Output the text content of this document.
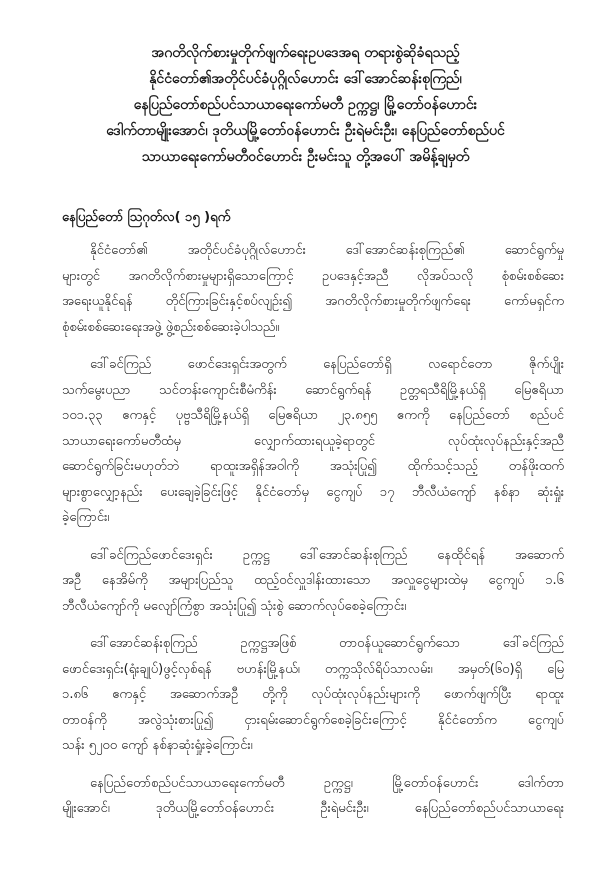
အဂတိလိုက်စားမှုတိုက်ဖျက်ရေးဥပဒေအရ တရားစွဲဆိုခံရသည့်
နိုင်ငံတော်၏အတိုင်ပင်ခံပုဂ္ဂိုလ်ဟောင်း ဒေါ်အောင်ဆန်းစုကြည်၊
နေပြည်တော်စည်ပင်သာယာရေးကော်မတီ ဥက္ကဋ္ဌ၊ မြို့တော်ဝန်ဟောင်း
ဒေါက်တာမျိုးအောင်၊ ဒုတိယမြို့တော်ဝန်ဟောင်း ဦးရဲမင်းဦး၊ နေပြည်တော်စည်ပင်
သာယာရေးကော်မတီဝင်ဟောင်း ဦးမင်းသူ တို့အပေါ် အမိန့်ချမှတ်
နေပြည်တော် ဩဂုတ်လ( ၁၅ )ရက်
နိုင်ငံတော်၏ အတိုင်ပင်ခံပုဂ္ဂိုလ်ဟောင်း ဒေါ်အောင်ဆန်းစုကြည်၏ ဆောင်ရွက်မှု
များတွင် အဂတိလိုက်စားမှုများရှိသောကြောင့် ဥပဒေနှင့်အညီ လိုအပ်သလို စုံစမ်းစစ်ဆေး
အရေးယူနိုင်ရန် တိုင်ကြားခြင်းနှင့်စပ်လျဉ်း၍ အဂတိလိုက်စားမှုတိုက်ဖျက်ရေး ကော်မရှင်က
စုံစမ်းစစ်ဆေးရေးအဖွဲ့ ဖွဲ့စည်းစစ်ဆေးခဲ့ပါသည်။
ဒေါ်ခင်ကြည် ဖောင်ဒေးရှင်းအတွက် နေပြည်တော်ရှိ လရောင်တော ဇိုက်ပျိုး
သက်မွေးပညာ သင်တန်းကျောင်းစီမံကိန်း ဆောင်ရွက်ရန် ဥတ္တရသီရိမြို့နယ်ရှိ မြေဧရိယာ
၁၀၁.၃၃ ဧကနှင့် ပုဗ္ဗသီရိမြို့နယ်ရှိ မြေဧရိယာ ၂၃.၈၅၅ ဧကကို နေပြည်တော် စည်ပင်
သာယာရေးကော်မတီထံမှ လျှောက်ထားရယူခဲ့ရာတွင် လုပ်ထုံးလုပ်နည်းနှင့်အညီ
ဆောင်ရွက်ခြင်းမဟုတ်ဘဲ ရာထူးအရှိန်အဝါကို အသုံးပြု၍ ထိုက်သင့်သည့် တန်ဖိုးထက်
များစွာလျှော့နည်း ပေးချေခဲ့ခြင်းဖြင့် နိုင်ငံတော်မှ ငွေကျပ် ၁၇ ဘီလီယံကျော် နစ်နာ ဆုံးရှုံး
ခဲ့ကြောင်း၊
ဒေါ်ခင်ကြည်ဖောင်ဒေးရှင်း ဥက္ကဋ္ဌ ဒေါ်အောင်ဆန်းစုကြည် နေထိုင်ရန် အဆောက်
အဦ နေအိမ်ကို အများပြည်သူ ထည့်ဝင်လှူဒါန်းထားသော အလှူငွေများထဲမှ ငွေကျပ် ၁.၆
ဘီလီယံကျော်ကို မလျော်ကြံစွာ အသုံးပြု၍ သုံးစွဲ ဆောက်လုပ်စေခဲ့ကြောင်း၊
ဒေါ်အောင်ဆန်းစုကြည် ဥက္ကဋ္ဌအဖြစ် တာဝန်ယူဆောင်ရွက်သော ဒေါ်ခင်ကြည်
ဖောင်ဒေးရှင်း(ရုံးချုပ်)ဖွင့်လှစ်ရန် ဗဟန်းမြို့နယ်၊ တက္ကသိုလ်ရိပ်သာလမ်း၊ အမှတ်(၆၀)ရှိ မြေ
၁.၈၆ ဧကနှင့် အဆောက်အဦ တို့ကို လုပ်ထုံးလုပ်နည်းများကို ဖောက်ဖျက်ပြီး ရာထူး
တာဝန်ကို အလွဲသုံးစားပြု၍ ငှားရမ်းဆောင်ရွက်စေခဲ့ခြင်းကြောင့် နိုင်ငံတော်က ငွေကျပ်
သန်း ၅၂၀၀ ကျော် နစ်နာဆုံးရှုံးခဲ့ကြောင်း၊
နေပြည်တော်စည်ပင်သာယာရေးကော်မတီ ဥက္ကဋ္ဌ၊ မြို့တော်ဝန်ဟောင်း ဒေါက်တာ
မျိုးအောင်၊ ဒုတိယမြို့တော်ဝန်ဟောင်း ဦးရဲမင်းဦး၊ နေပြည်တော်စည်ပင်သာယာရေး
